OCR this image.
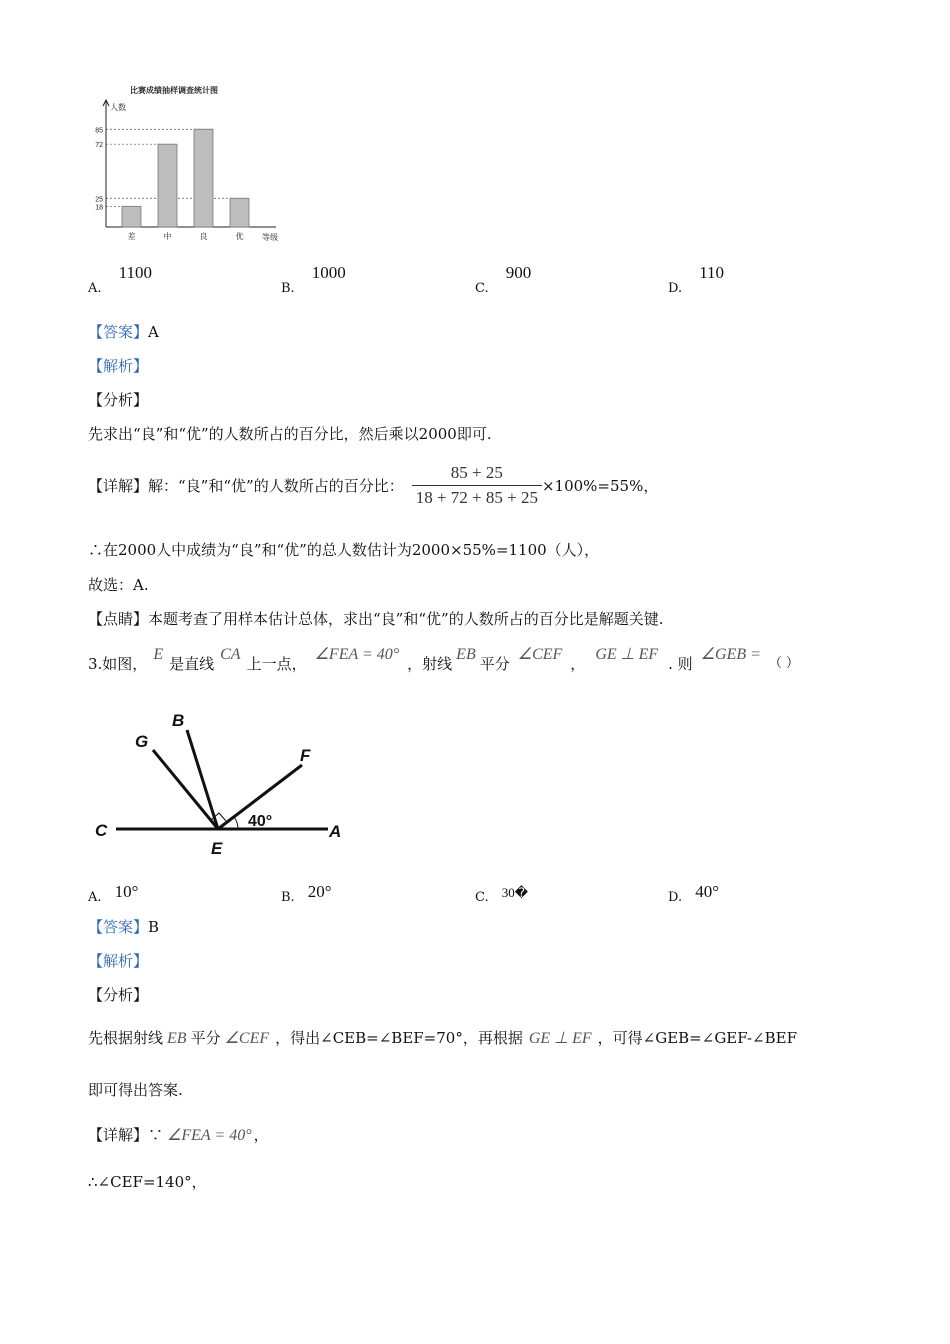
比赛成绩抽样调查统计图
人数
18
25
72
85
差	中	良	优 等级
$_{A.}$ 1100
$_{B.}$ 1000
$_{C.}$ 900
$_{D.}$ 110
【答案】A
【解析】
【分析】
先求出“良”和“优”的人数所占的百分比，然后乘以2000即可.
【详解】 解：“良”和“优”的人数所占的百分比： $\frac{85 + 25}{18 + 72 + 85 + 25} \times 100\%=55\%$，
∴在2000人中成绩为“良”和“优”的总人数估计为2000×55%=1100（人），
故选：A.
【点睛】本题考查了用样本估计总体，求出“良”和“优”的人数所占的百分比是解题关键.
3.如图，E是直线CA上一点，∠FEA = 40°，射线EB平分∠CEF，GE ⊥ EF. 则∠GEB =（ ）
G
B
F
C
E
A
40°
$_{A.}$ 10°	$_{B.}$ 20°	$_{C.}$ 30�	$_{D.}$ 40°
【答案】B
【解析】
【分析】
先根据射线 EB 平分 ∠CEF ，得出∠CEB=∠BEF=70°，再根据 GE ⊥ EF ，可得∠GEB=∠GEF-∠BEF
即可得出答案.
【详解】∵ ∠FEA = 40° ，
∴∠CEF=140°，
